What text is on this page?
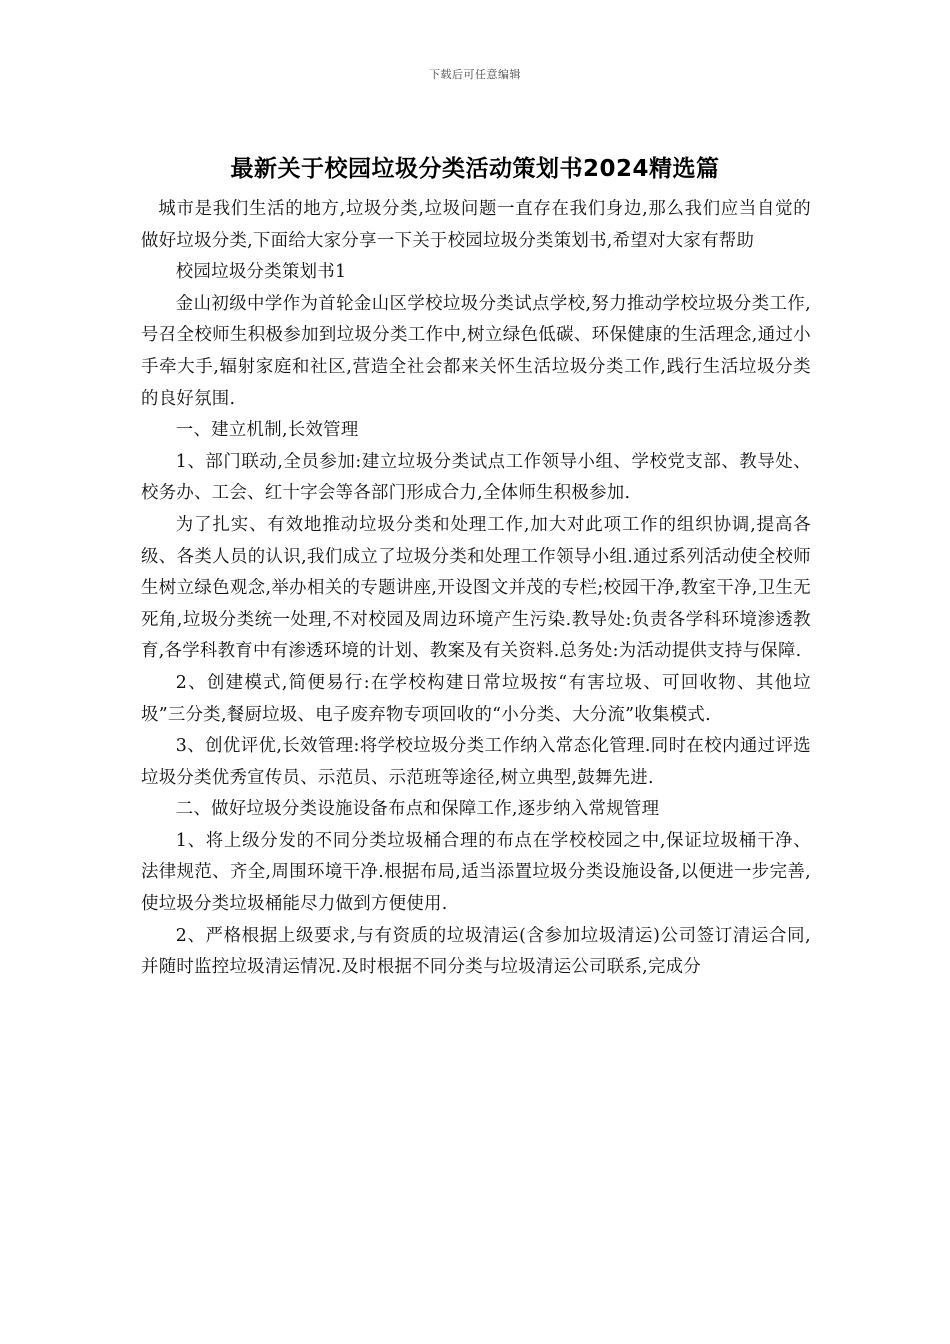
下载后可任意编辑
最新关于校园垃圾分类活动策划书2024精选篇

城市是我们生活的地方,垃圾分类,垃圾问题一直存在我们身边,那么我们应当自觉的做好垃圾分类,下面给大家分享一下关于校园垃圾分类策划书,希望对大家有帮助

校园垃圾分类策划书1

金山初级中学作为首轮金山区学校垃圾分类试点学校,努力推动学校垃圾分类工作,号召全校师生积极参加到垃圾分类工作中,树立绿色低碳、环保健康的生活理念,通过小手牵大手,辐射家庭和社区,营造全社会都来关怀生活垃圾分类工作,践行生活垃圾分类的良好氛围.

一、建立机制,长效管理

1、部门联动,全员参加:建立垃圾分类试点工作领导小组、学校党支部、教导处、校务办、工会、红十字会等各部门形成合力,全体师生积极参加.

为了扎实、有效地推动垃圾分类和处理工作,加大对此项工作的组织协调,提高各级、各类人员的认识,我们成立了垃圾分类和处理工作领导小组.通过系列活动使全校师生树立绿色观念,举办相关的专题讲座,开设图文并茂的专栏;校园干净,教室干净,卫生无死角,垃圾分类统一处理,不对校园及周边环境产生污染.教导处:负责各学科环境渗透教育,各学科教育中有渗透环境的计划、教案及有关资料.总务处:为活动提供支持与保障.

2、创建模式,简便易行:在学校构建日常垃圾按“有害垃圾、可回收物、其他垃圾”三分类,餐厨垃圾、电子废弃物专项回收的“小分类、大分流”收集模式.

3、创优评优,长效管理:将学校垃圾分类工作纳入常态化管理.同时在校内通过评选垃圾分类优秀宣传员、示范员、示范班等途径,树立典型,鼓舞先进.

二、做好垃圾分类设施设备布点和保障工作,逐步纳入常规管理

1、将上级分发的不同分类垃圾桶合理的布点在学校校园之中,保证垃圾桶干净、法律规范、齐全,周围环境干净.根据布局,适当添置垃圾分类设施设备,以便进一步完善,使垃圾分类垃圾桶能尽力做到方便使用.

2、严格根据上级要求,与有资质的垃圾清运(含参加垃圾清运)公司签订清运合同,并随时监控垃圾清运情况.及时根据不同分类与垃圾清运公司联系,完成分
